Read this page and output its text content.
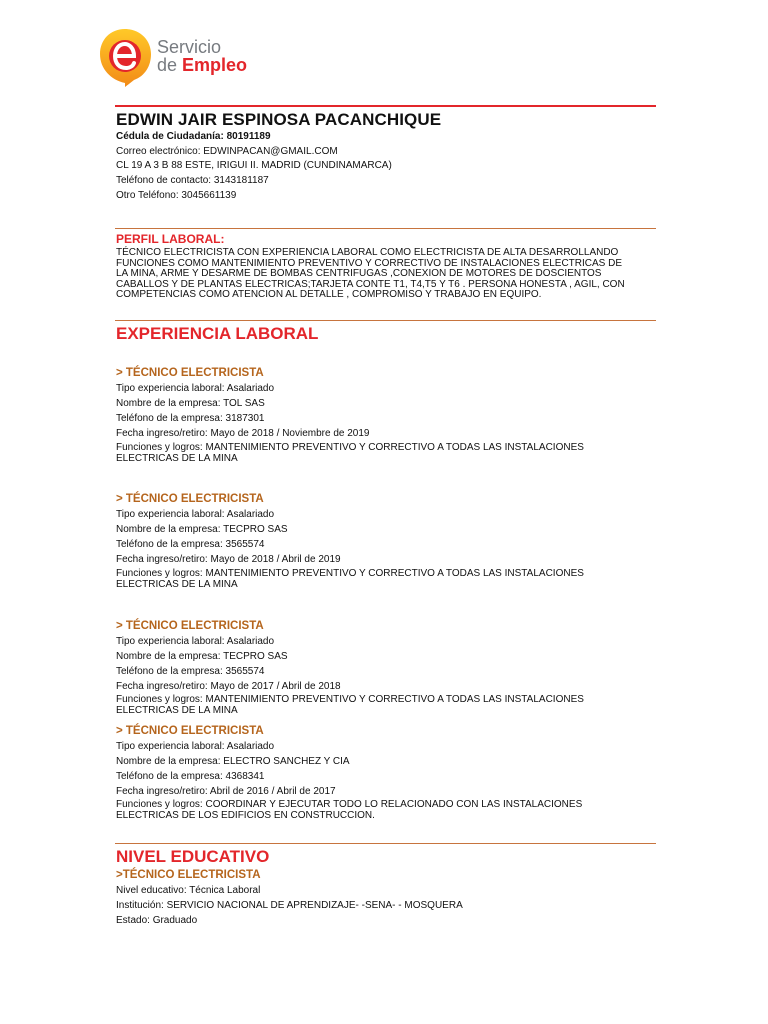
Servicio
de Empleo
EDWIN JAIR ESPINOSA PACANCHIQUE
Cédula de Ciudadanía: 80191189
Correo electrónico: EDWINPACAN@GMAIL.COM
CL 19 A 3 B 88 ESTE, IRIGUI II. MADRID (CUNDINAMARCA)
Teléfono de contacto: 3143181187
Otro Teléfono: 3045661139
PERFIL LABORAL:
TÉCNICO ELECTRICISTA CON EXPERIENCIA LABORAL COMO ELECTRICISTA DE ALTA DESARROLLANDO
FUNCIONES COMO MANTENIMIENTO PREVENTIVO Y CORRECTIVO DE INSTALACIONES ELECTRICAS DE
LA MINA, ARME Y DESARME DE BOMBAS CENTRIFUGAS ,CONEXION DE MOTORES DE DOSCIENTOS
CABALLOS Y DE PLANTAS ELECTRICAS;TARJETA CONTE T1, T4,T5 Y T6 . PERSONA HONESTA , AGIL, CON
COMPETENCIAS COMO ATENCION AL DETALLE , COMPROMISO Y TRABAJO EN EQUIPO.
EXPERIENCIA LABORAL
> TÉCNICO ELECTRICISTA
Tipo experiencia laboral: Asalariado
Nombre de la empresa: TOL SAS
Teléfono de la empresa: 3187301
Fecha ingreso/retiro: Mayo de 2018 / Noviembre de 2019
Funciones y logros: MANTENIMIENTO PREVENTIVO Y CORRECTIVO A TODAS LAS INSTALACIONES
ELECTRICAS DE LA MINA
> TÉCNICO ELECTRICISTA
Tipo experiencia laboral: Asalariado
Nombre de la empresa: TECPRO SAS
Teléfono de la empresa: 3565574
Fecha ingreso/retiro: Mayo de 2018 / Abril de 2019
Funciones y logros: MANTENIMIENTO PREVENTIVO Y CORRECTIVO A TODAS LAS INSTALACIONES
ELECTRICAS DE LA MINA
> TÉCNICO ELECTRICISTA
Tipo experiencia laboral: Asalariado
Nombre de la empresa: TECPRO SAS
Teléfono de la empresa: 3565574
Fecha ingreso/retiro: Mayo de 2017 / Abril de 2018
Funciones y logros: MANTENIMIENTO PREVENTIVO Y CORRECTIVO A TODAS LAS INSTALACIONES
ELECTRICAS DE LA MINA
> TÉCNICO ELECTRICISTA
Tipo experiencia laboral: Asalariado
Nombre de la empresa: ELECTRO SANCHEZ Y CIA
Teléfono de la empresa: 4368341
Fecha ingreso/retiro: Abril de 2016 / Abril de 2017
Funciones y logros: COORDINAR Y EJECUTAR TODO LO RELACIONADO CON LAS INSTALACIONES
ELECTRICAS DE LOS EDIFICIOS EN CONSTRUCCION.
NIVEL EDUCATIVO
>TÉCNICO ELECTRICISTA
Nivel educativo: Técnica Laboral
Institución: SERVICIO NACIONAL DE APRENDIZAJE- -SENA- - MOSQUERA
Estado: Graduado
